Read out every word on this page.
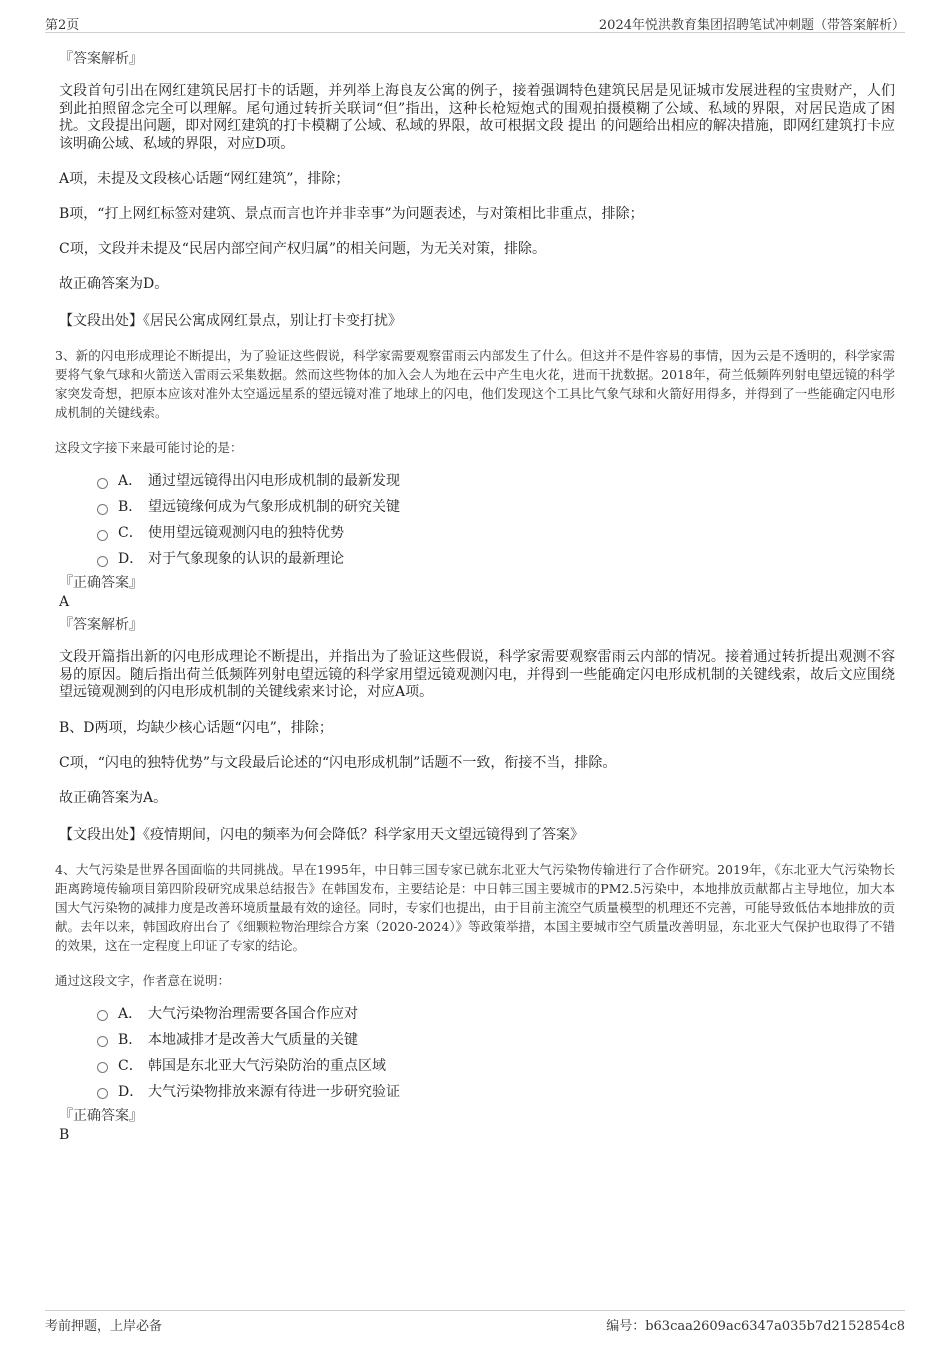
第2页	2024年悦洪教育集团招聘笔试冲刺题（带答案解析）
『答案解析』

文段首句引出在网红建筑民居打卡的话题，并列举上海良友公寓的例子，接着强调特色建筑民居是见证城市发展进程的宝贵财产，人们到此拍照留念完全可以理解。尾句通过转折关联词“但”指出，这种长枪短炮式的围观拍摄模糊了公域、私域的界限，对居民造成了困扰。文段提出问题，即对网红建筑的打卡模糊了公域、私域的界限，故可根据文段 提出 的问题给出相应的解决措施，即网红建筑打卡应该明确公域、私域的界限，对应D项。

A项，未提及文段核心话题“网红建筑”，排除；
B项，“打上网红标签对建筑、景点而言也许并非幸事”为问题表述，与对策相比非重点，排除；
C项，文段并未提及“民居内部空间产权归属”的相关问题，为无关对策，排除。
故正确答案为D。
【文段出处】《居民公寓成网红景点，别让打卡变打扰》

3、新的闪电形成理论不断提出，为了验证这些假说，科学家需要观察雷雨云内部发生了什么。但这并不是件容易的事情，因为云是不透明的，科学家需要将气象气球和火箭送入雷雨云采集数据。然而这些物体的加入会人为地在云中产生电火花，进而干扰数据。2018年，荷兰低频阵列射电望远镜的科学家突发奇想，把原本应该对准外太空遥远星系的望远镜对准了地球上的闪电，他们发现这个工具比气象气球和火箭好用得多，并得到了一些能确定闪电形成机制的关键线索。

这段文字接下来最可能讨论的是：
A． 通过望远镜得出闪电形成机制的最新发现
B． 望远镜缘何成为气象形成机制的研究关键
C． 使用望远镜观测闪电的独特优势
D． 对于气象现象的认识的最新理论
『正确答案』
A
『答案解析』

文段开篇指出新的闪电形成理论不断提出，并指出为了验证这些假说，科学家需要观察雷雨云内部的情况。接着通过转折提出观测不容易的原因。随后指出荷兰低频阵列射电望远镜的科学家用望远镜观测闪电，并得到一些能确定闪电形成机制的关键线索，故后文应围绕望远镜观测到的闪电形成机制的关键线索来讨论，对应A项。

B、D两项，均缺少核心话题“闪电”，排除；
C项，“闪电的独特优势”与文段最后论述的“闪电形成机制”话题不一致，衔接不当，排除。
故正确答案为A。
【文段出处】《疫情期间，闪电的频率为何会降低？科学家用天文望远镜得到了答案》

4、大气污染是世界各国面临的共同挑战。早在1995年，中日韩三国专家已就东北亚大气污染物传输进行了合作研究。2019年，《东北亚大气污染物长距离跨境传输项目第四阶段研究成果总结报告》在韩国发布，主要结论是：中日韩三国主要城市的PM2.5污染中，本地排放贡献都占主导地位，加大本国大气污染物的减排力度是改善环境质量最有效的途径。同时，专家们也提出，由于目前主流空气质量模型的机理还不完善，可能导致低估本地排放的贡献。去年以来，韩国政府出台了《细颗粒物治理综合方案（2020-2024）》等政策举措，本国主要城市空气质量改善明显，东北亚大气保护也取得了不错的效果，这在一定程度上印证了专家的结论。

通过这段文字，作者意在说明：
A． 大气污染物治理需要各国合作应对
B． 本地减排才是改善大气质量的关键
C． 韩国是东北亚大气污染防治的重点区域
D． 大气污染物排放来源有待进一步研究验证
『正确答案』
B
考前押题，上岸必备	编号：b63caa2609ac6347a035b7d2152854c8
